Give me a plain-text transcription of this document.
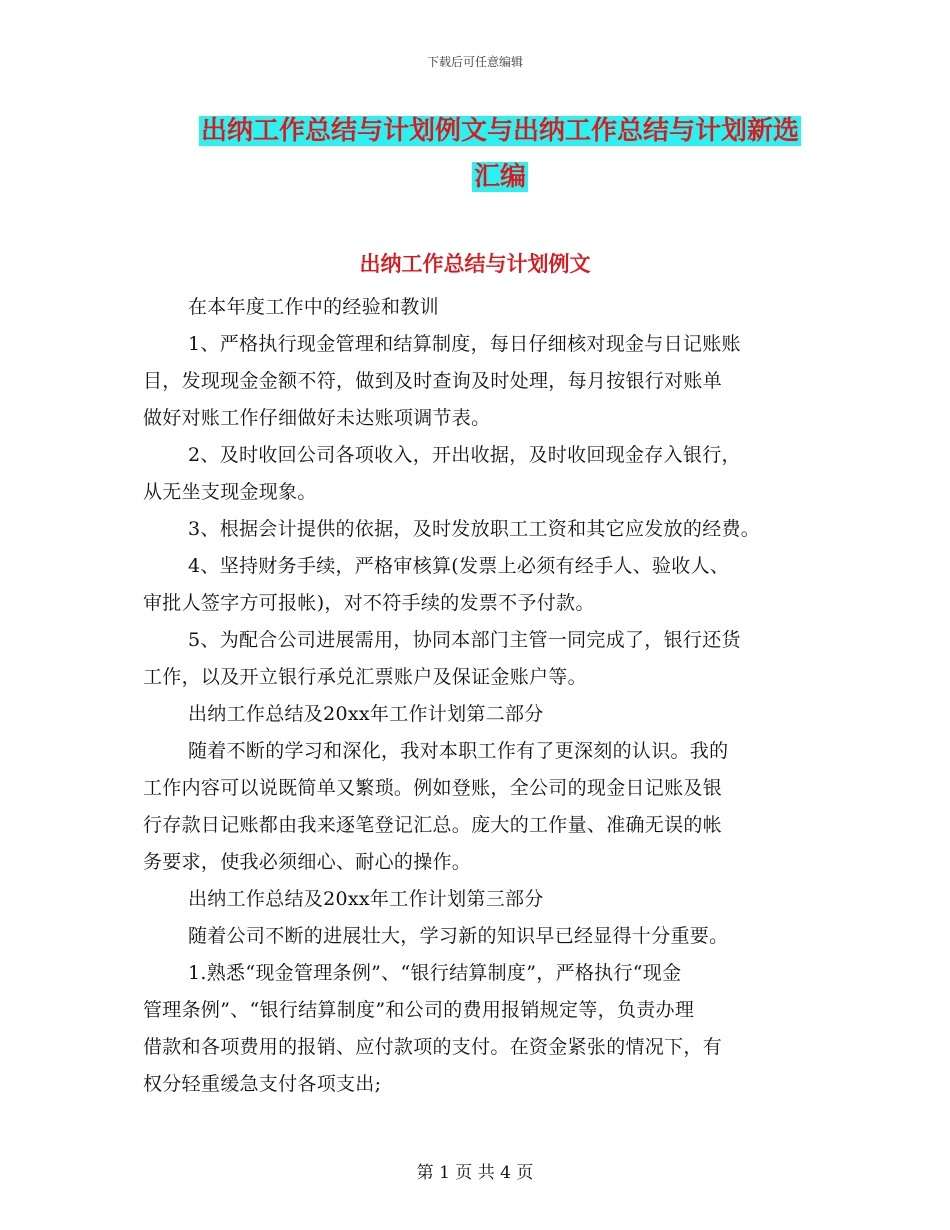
下载后可任意编辑
出纳工作总结与计划例文与出纳工作总结与计划新选
汇编
出纳工作总结与计划例文

在本年度工作中的经验和教训

1、严格执行现金管理和结算制度，每日仔细核对现金与日记账账
目，发现现金金额不符，做到及时查询及时处理，每月按银行对账单
做好对账工作仔细做好未达账项调节表。

2、及时收回公司各项收入，开出收据，及时收回现金存入银行，
从无坐支现金现象。

3、根据会计提供的依据，及时发放职工工资和其它应发放的经费。

4、坚持财务手续，严格审核算(发票上必须有经手人、验收人、
审批人签字方可报帐)，对不符手续的发票不予付款。

5、为配合公司进展需用，协同本部门主管一同完成了，银行还货
工作，以及开立银行承兑汇票账户及保证金账户等。

出纳工作总结及20xx年工作计划第二部分

随着不断的学习和深化，我对本职工作有了更深刻的认识。我的
工作内容可以说既简单又繁琐。例如登账，全公司的现金日记账及银
行存款日记账都由我来逐笔登记汇总。庞大的工作量、准确无误的帐
务要求，使我必须细心、耐心的操作。

出纳工作总结及20xx年工作计划第三部分

随着公司不断的进展壮大，学习新的知识早已经显得十分重要。

1.熟悉“现金管理条例”、“银行结算制度”，严格执行“现金
管理条例”、“银行结算制度”和公司的费用报销规定等，负责办理
借款和各项费用的报销、应付款项的支付。在资金紧张的情况下，有
权分轻重缓急支付各项支出;

第 1 页 共 4 页
